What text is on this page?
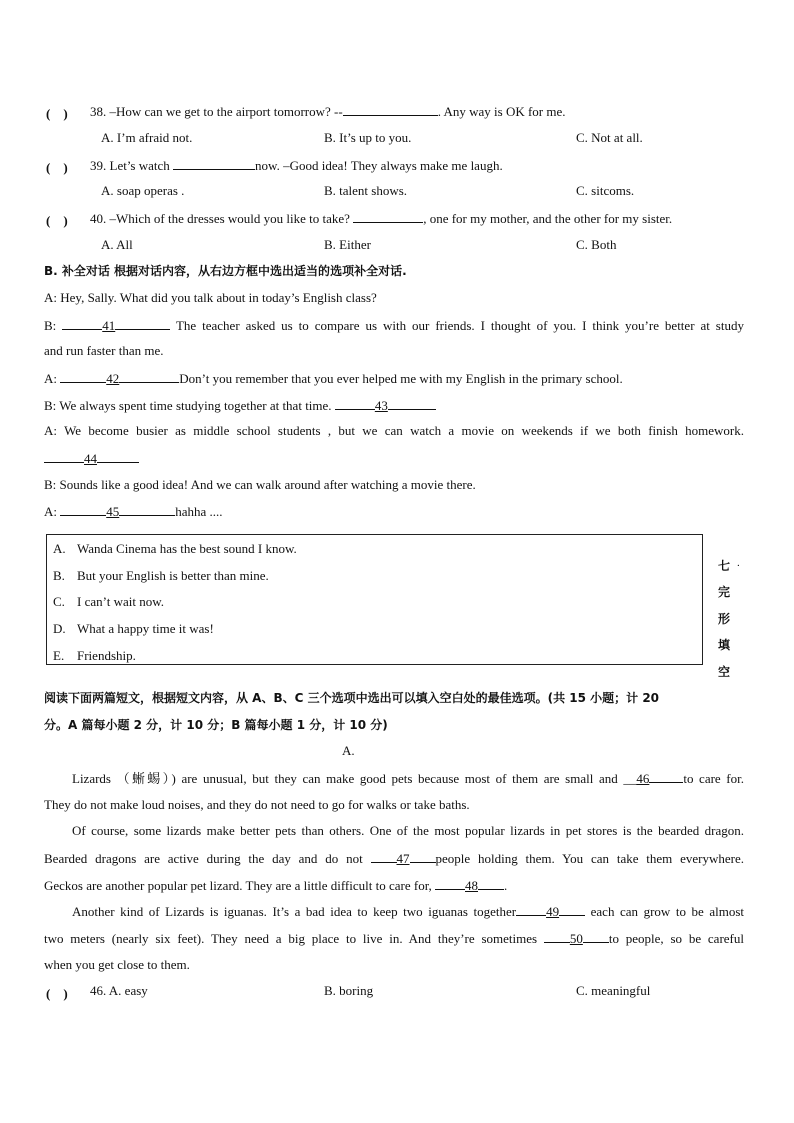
(　) 38. –How can we get to the airport tomorrow? --	. Any way is OK for me.
A. I’m afraid not.	B. It’s up to you.	C. Not at all.
(　) 39. Let’s watch	now. –Good idea! They always make me laugh.
A. soap operas .	B. talent shows.	C. sitcoms.
(　) 40. –Which of the dresses would you like to take?	, one for my mother, and the other for my sister.
A. All	B. Either	C. Both
B. 补全对话 根据对话内容，从右边方框中选出适当的选项补全对话.
A: Hey, Sally. What did you talk about in today’s English class?
B:	41	The teacher asked us to compare us with our friends. I thought of you. I think you’re better at study
and run faster than me.
A:	42	Don’t you remember that you ever helped me with my English in the primary school.
B: We always spent time studying together at that time.	43
A: We become busier as middle school students , but we can watch a movie on weekends if we both finish homework.
44
B: Sounds like a good idea! And we can walk around after watching a movie there.
A:	45	hahha ....
A. Wanda Cinema has the best sound I know.
B. But your English is better than mine.
C. I can’t wait now.
D. What a happy time it was!
E. Friendship.
七 .
完
形
填
空
阅读下面两篇短文，根据短文内容，从 A、B、C 三个选项中选出可以填入空白处的最佳选项。(共 15 小题；计 20
分。A 篇每小题 2 分，计 10 分；B 篇每小题 1 分，计 10 分)
A.
Lizards （蜥蜴）) are unusual, but they can make good pets because most of them are small and __46	to care for.
They do not make loud noises, and they do not need to go for walks or take baths.
Of course, some lizards make better pets than others. One of the most popular lizards in pet stores is the bearded dragon.
Bearded dragons are active during the day and do not 47 people holding them. You can take them everywhere.
Geckos are another popular pet lizard. They are a little difficult to care for, 48 .
Another kind of Lizards is iguanas. It’s a bad idea to keep two iguanas together 49 each can grow to be almost
two meters (nearly six feet). They need a big place to live in. And they’re sometimes 50 to people, so be careful
when you get close to them.
(　) 46. A. easy	B. boring	C. meaningful
